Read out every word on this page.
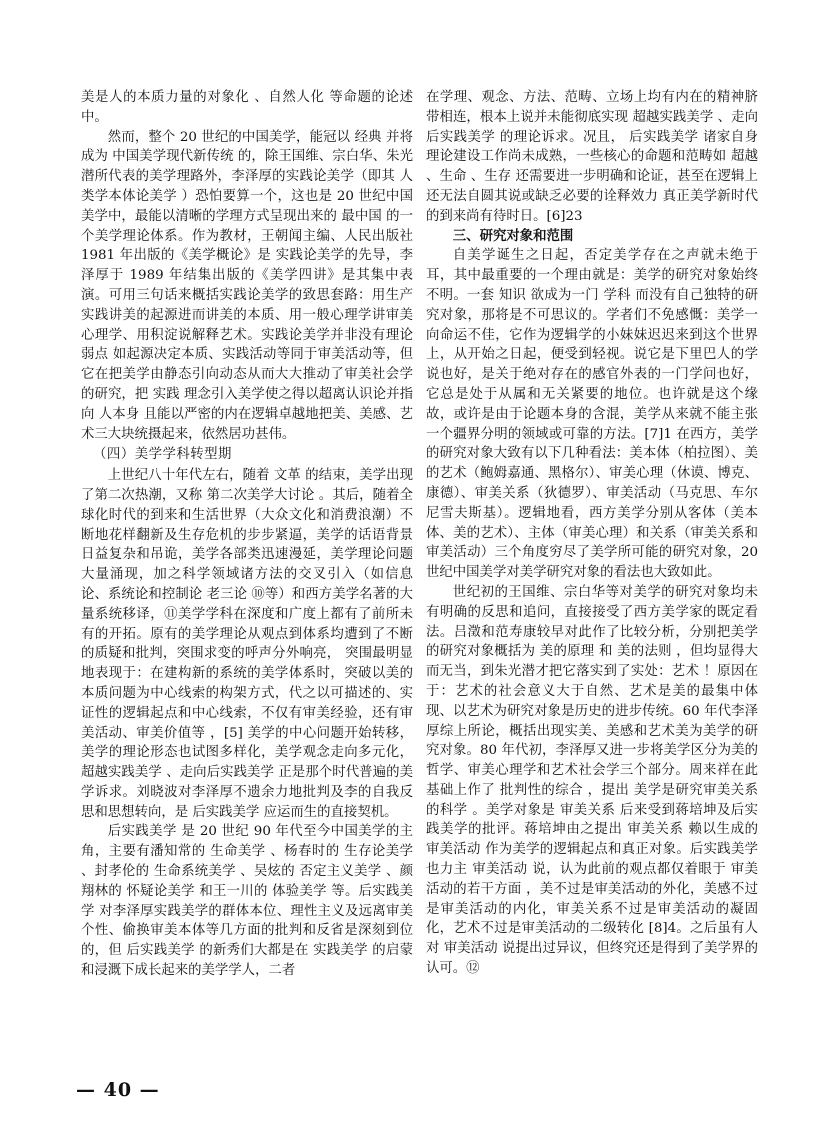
美是人的本质力量的对象化 、自然人化 等命题的论述中。

然而，整个 20 世纪的中国美学，能冠以 经典 并将成为 中国美学现代新传统 的，除王国维、宗白华、朱光潜所代表的美学理路外，李泽厚的实践论美学（即其 人类学本体论美学 ）恐怕要算一个，这也是 20 世纪中国美学中，最能以清晰的学理方式呈现出来的 最中国 的一个美学理论体系。作为教材，王朝闻主编、人民出版社 1981 年出版的《美学概论》是 实践论美学的先导，李泽厚于 1989 年结集出版的《美学四讲》是其集中表演。可用三句话来概括实践论美学的致思套路：用生产实践讲美的起源进而讲美的本质、用一般心理学讲审美心理学、用积淀说解释艺术。实践论美学并非没有理论弱点 如起源决定本质、实践活动等同于审美活动等，但它在把美学由静态引向动态从而大大推动了审美社会学的研究，把 实践 理念引入美学使之得以超离认识论并指向 人本身 且能以严密的内在逻辑卓越地把美、美感、艺术三大块统摄起来，依然居功甚伟。

（四）美学学科转型期

上世纪八十年代左右，随着 文革 的结束，美学出现了第二次热潮，又称 第二次美学大讨论 。其后，随着全球化时代的到来和生活世界（大众文化和消费浪潮）不断地花样翻新及生存危机的步步紧逼，美学的话语背景日益复杂和吊诡，美学各部类迅速漫延，美学理论问题大量涌现，加之科学领域诸方法的交叉引入（如信息论、系统论和控制论 老三论 ⑩等）和西方美学名著的大量系统移译，⑪美学学科在深度和广度上都有了前所未有的开拓。原有的美学理论从观点到体系均遭到了不断的质疑和批判，突围求变的呼声分外响亮， 突围最明显地表现于：在建构新的系统的美学体系时，突破以美的本质问题为中心线索的构架方式，代之以可描述的、实证性的逻辑起点和中心线索，不仅有审美经验，还有审美活动、审美价值等 ，[5] 美学的中心问题开始转移，美学的理论形态也试图多样化，美学观念走向多元化， 超越实践美学 、走向后实践美学 正是那个时代普遍的美学诉求。刘晓波对李泽厚不遗余力地批判及李的自我反思和思想转向，是 后实践美学 应运而生的直接契机。

后实践美学 是 20 世纪 90 年代至今中国美学的主角，主要有潘知常的 生命美学 、杨春时的 生存论美学 、封孝伦的 生命系统美学 、吴炫的 否定主义美学 、颜翔林的 怀疑论美学 和王一川的 体验美学 等。后实践美学 对李泽厚实践美学的群体本位、理性主义及远离审美个性、偷换审美本体等几方面的批判和反省是深刻到位的，但 后实践美学 的新秀们大都是在 实践美学 的启蒙和浸溉下成长起来的美学学人，二者

在学理、观念、方法、范畴、立场上均有内在的精神脐带相连，根本上说并未能彻底实现 超越实践美学 、走向后实践美学 的理论诉求。况且， 后实践美学 诸家自身理论建设工作尚未成熟，一些核心的命题和范畴如 超越 、生命 、生存 还需要进一步明确和论证，甚至在逻辑上还无法自圆其说或缺乏必要的诠释效力 真正美学新时代的到来尚有待时日。[6]23

三、研究对象和范围

自美学诞生之日起，否定美学存在之声就未绝于耳，其中最重要的一个理由就是：美学的研究对象始终不明。一套 知识 欲成为一门 学科 而没有自己独特的研究对象，那将是不可思议的。学者们不免感慨：美学一向命运不佳，它作为逻辑学的小妹妹迟迟来到这个世界上，从开始之日起，便受到轻视。说它是下里巴人的学说也好，是关于绝对存在的感官外表的一门学问也好，它总是处于从属和无关紧要的地位。也许就是这个缘故，或许是由于论题本身的含混，美学从来就不能主张一个疆界分明的领域或可靠的方法。[7]1 在西方，美学的研究对象大致有以下几种看法：美本体（柏拉图）、美的艺术（鲍姆嘉通、黑格尔）、审美心理（休谟、博克、康德）、审美关系（狄德罗）、审美活动（马克思、车尔尼雪夫斯基）。逻辑地看，西方美学分别从客体（美本体、美的艺术）、主体（审美心理）和关系（审美关系和审美活动）三个角度穷尽了美学所可能的研究对象，20 世纪中国美学对美学研究对象的看法也大致如此。

世纪初的王国维、宗白华等对美学的研究对象均未有明确的反思和追问，直接接受了西方美学家的既定看法。吕澂和范寿康较早对此作了比较分析，分别把美学的研究对象概括为 美的原理 和 美的法则 ，但均显得大而无当，到朱光潜才把它落实到了实处：艺术 ！原因在于：艺术的社会意义大于自然、艺术是美的最集中体现、以艺术为研究对象是历史的进步传统。60 年代李泽厚综上所论，概括出现实美、美感和艺术美为美学的研究对象。80 年代初，李泽厚又进一步将美学区分为美的哲学、审美心理学和艺术社会学三个部分。周来祥在此基础上作了 批判性的综合 ，提出 美学是研究审美关系的科学 。美学对象是 审美关系 后来受到蒋培坤及后实践美学的批评。蒋培坤由之提出 审美关系 赖以生成的 审美活动 作为美学的逻辑起点和真正对象。后实践美学也力主 审美活动 说，认为此前的观点都仅着眼于 审美活动的若干方面 ，美不过是审美活动的外化，美感不过是审美活动的内化，审美关系不过是审美活动的凝固化，艺术不过是审美活动的二级转化 [8]4。之后虽有人对 审美活动 说提出过异议，但终究还是得到了美学界的认可。⑫

— 40 —
